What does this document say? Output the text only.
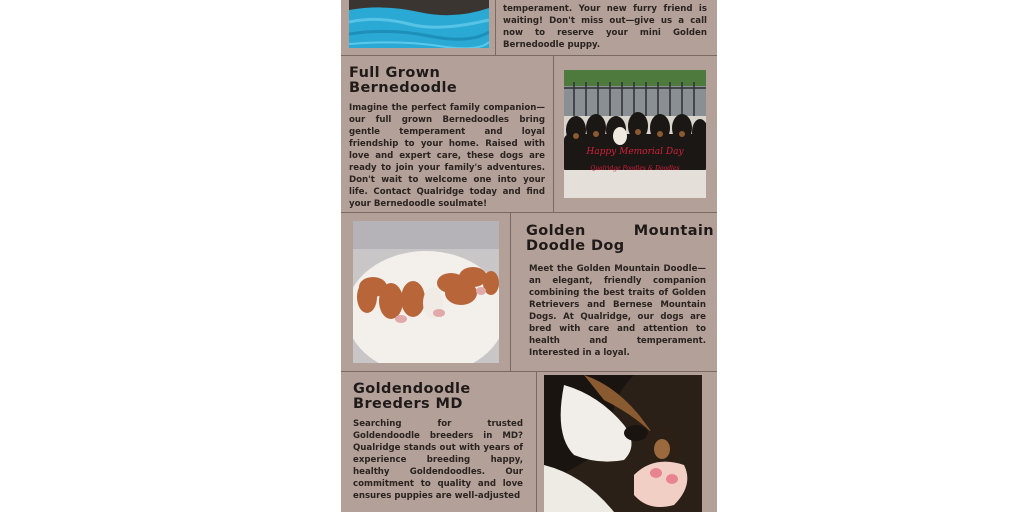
temperament. Your new furry friend is waiting! Don't miss out—give us a call now to reserve your mini Golden Bernedoodle puppy.

Full Grown Bernedoodle

Imagine the perfect family companion—our full grown Bernedoodles bring gentle temperament and loyal friendship to your home. Raised with love and expert care, these dogs are ready to join your family's adventures. Don't wait to welcome one into your life. Contact Qualridge today and find your Bernedoodle soulmate!

Happy Memorial Day
Qualridge Poodles & Doodles
Golden Mountain Doodle Dog

Meet the Golden Mountain Doodle—an elegant, friendly companion combining the best traits of Golden Retrievers and Bernese Mountain Dogs. At Qualridge, our dogs are bred with care and attention to health and temperament. Interested in a loyal.

Goldendoodle Breeders MD

Searching for trusted Goldendoodle breeders in MD? Qualridge stands out with years of experience breeding happy, healthy Goldendoodles. Our commitment to quality and love ensures puppies are well-adjusted
